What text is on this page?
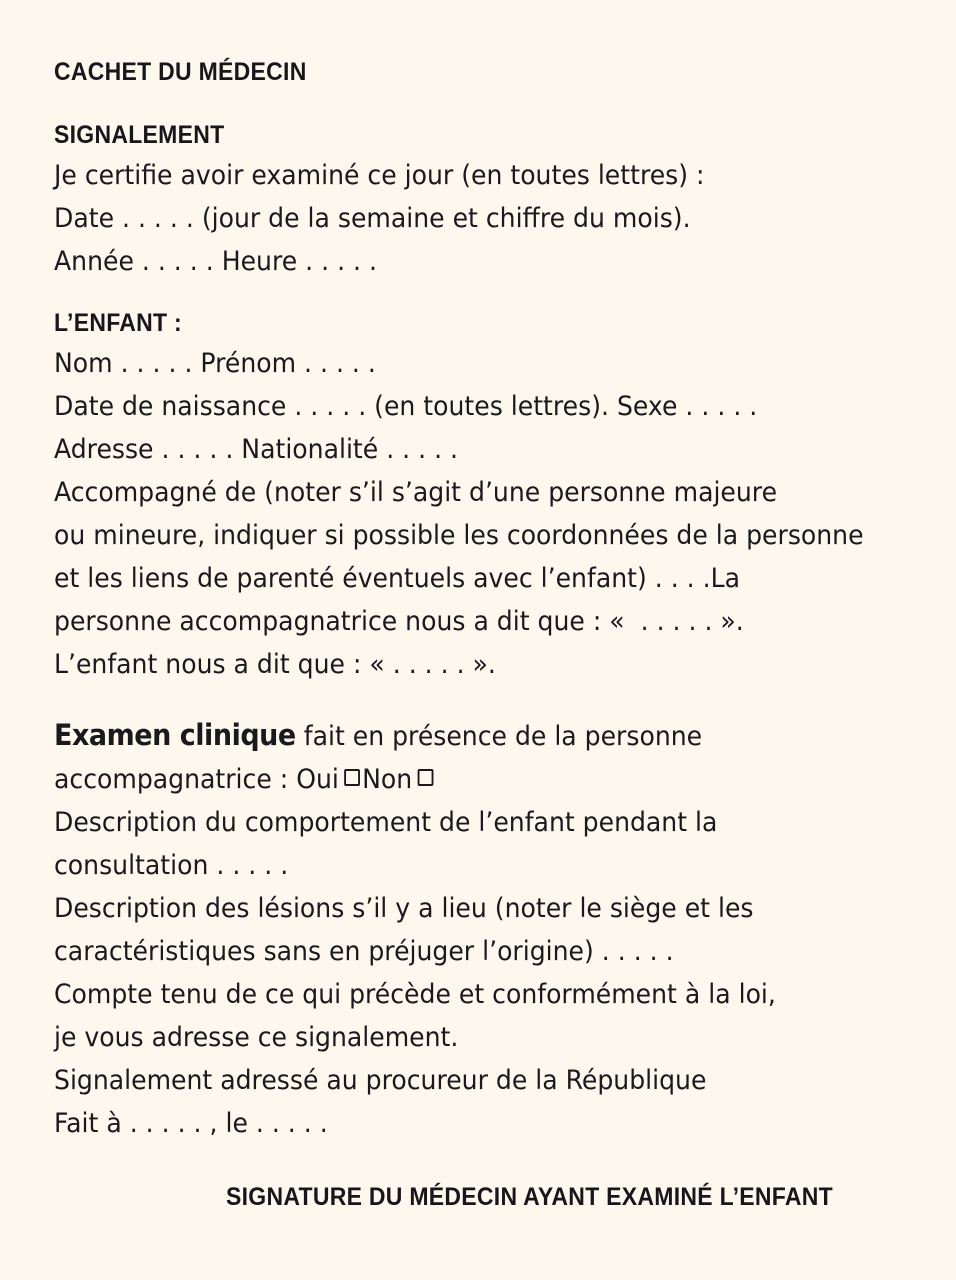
CACHET DU MÉDECIN
SIGNALEMENT
Je certifie avoir examiné ce jour (en toutes lettres) :
Date . . . . . (jour de la semaine et chiffre du mois).
Année . . . . . Heure . . . . .
L’ENFANT :
Nom . . . . . Prénom . . . . .
Date de naissance . . . . . (en toutes lettres). Sexe . . . . .
Adresse . . . . . Nationalité . . . . .
Accompagné de (noter s’il s’agit d’une personne majeure
ou mineure, indiquer si possible les coordonnées de la personne
et les liens de parenté éventuels avec l’enfant) . . . .La
personne accompagnatrice nous a dit que : «  . . . . . ».
L’enfant nous a dit que : « . . . . . ».
Examen clinique fait en présence de la personne
accompagnatrice : Oui Non
Description du comportement de l’enfant pendant la
consultation . . . . .
Description des lésions s’il y a lieu (noter le siège et les
caractéristiques sans en préjuger l’origine) . . . . .
Compte tenu de ce qui précède et conformément à la loi,
je vous adresse ce signalement.
Signalement adressé au procureur de la République
Fait à . . . . . , le . . . . .
SIGNATURE DU MÉDECIN AYANT EXAMINÉ L’ENFANT
